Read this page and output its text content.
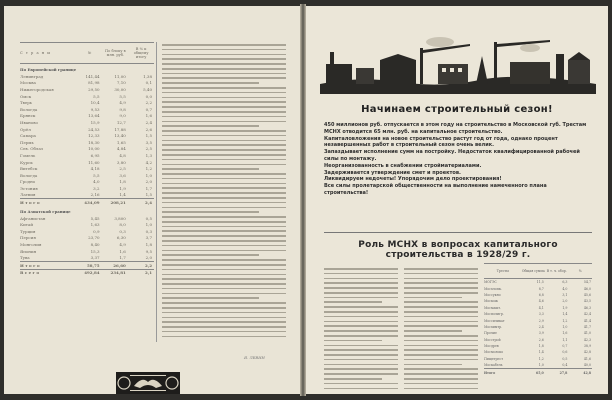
С т р а н ы	№	По блоку в млн. руб.
В % к общему итогу
По Европейской границе
Ленинград	141,44	11,00	1,38
Москва	81,98	7,10	0,1
Нижегородская	29,50	30,00	5,40
Омск	5,5	5,5	0,0
Тверь	10,4	4,9	2,2
Вологда	9,53	9,8	0,7
Брянск	13,64	9,0	1,6
Иваново	15,9	12,7	2,4
Орёл	24,53	17,88	2,6
Самара	12,33	13,40	1,5
Пермь	18,30	1,65	3,5
Сев. Облаз	10,00	4,84	2,5
Гомель	6,95	4,8	1,3
Курск	11,60	3,80	4,2
Витебск	4,18	2,5	1,2
Вологда	5,5	3,6	1,0
Гродно	4,0	1,8	2,0
Эстония	3,2	1,9	1,7
Латвия	2,16	1,4	1,5
И т о г о	434,09	208,21	2,4
По Азиатской границе
Афганистан	5,45	3,800	0,5
Китай	1,63	8,0	1,0
Турция	0,9	0,3	0,3
Персия	23,70	6,30	3,7
Монголия	8,40	4,9	1,8
Япония	15,3	1,6	9,5
Тува	3,37	1,7	2,0
И т о г о	58,75	26,60	2,2
В с е г о	492,84	234,81	2,1
Я. ЛЕВИН
Начинаем строительный сезон!

450 миллионов руб. отпускается в этом году на строительство в Московской губ. Трестам МСНХ отводится 65 млн. руб. на капитальное строительство.

Капиталовложения на новое строительство растут год от года, однако процент незавершенных работ в строительный сезон очень велик.

Запаздывает исполнение сумм на постройку. Недостаток квалифицированной рабочей силы по монтажу.

Неорганизованность в снабжении стройматериалами.

Задерживается утверждение смет и проектов.

Ликвидируем недочеты! Упорядочим дело проектирования!

Все силы пролетарской общественности на выполнение намеченного плана строительства!

Роль МСНХ в вопросах капитального строительства в 1928/29 г.
Тресты	Общая сумма В т. ч. обор.	%
МОГЭС	11,5	6,3	54,7
Мосхлопк.	8,7	4,0	46,0
Моссукно	6,8	3,1	45,6
Москож	4,6	2,0	43,5
Мосмашт.	4,1	1,9	46,3
Мосполигр.	3,3	1,4	42,4
Моссиликат	2,9	1,2	41,4
Мосхимтр.	2,4	1,0	41,7
Прочие	3,9	1,6	41,0
Мосстрой	2,6	1,1	42,3
Мосдрев	1,8	0,7	38,9
Мосмолоко	1,4	0,6	42,8
Пищетрест	1,2	0,5	41,6
Москабель	1,0	0,4	40,0
Итого	65,0	27,8	42,8
